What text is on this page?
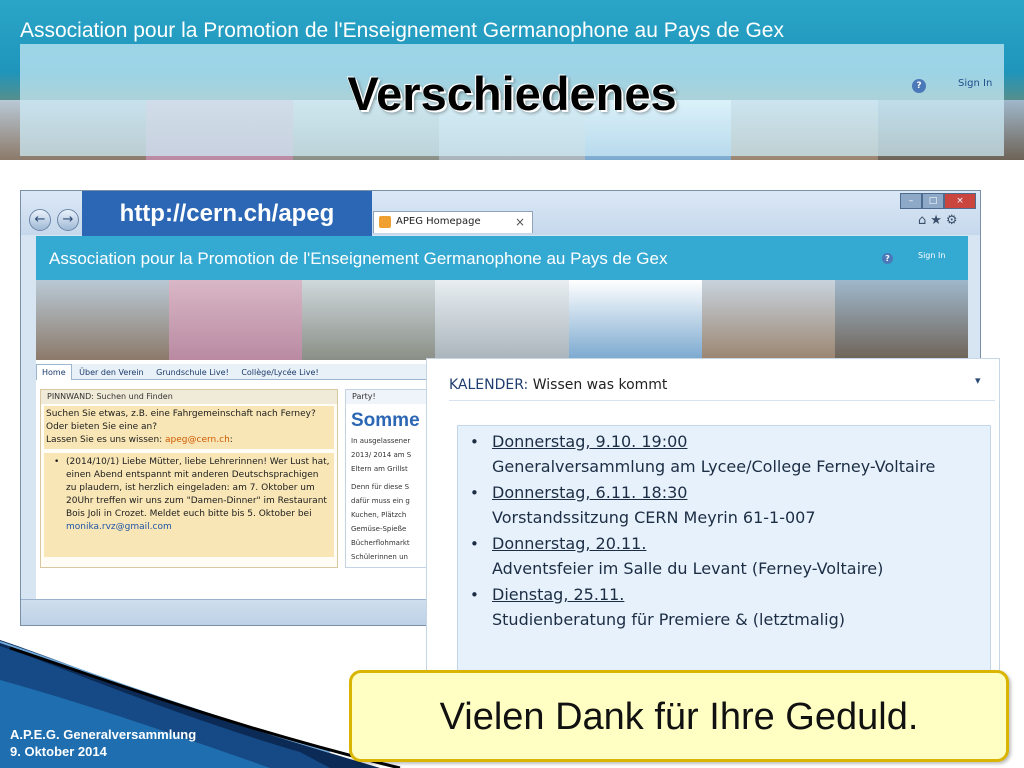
Association pour la Promotion de l'Enseignement Germanophone au Pays de Gex
?	Sign In
Verschiedenes
←	→	APEG Homepage	×
–	□	×
⌂★⚙
Association pour la Promotion de l'Enseignement Germanophone au Pays de Gex	?	Sign In
Home Über den Verein Grundschule Live! Collège/Lycée Live!
PINNWAND: Suchen und Finden
Suchen Sie etwas, z.B. eine Fahrgemeinschaft nach Ferney?
Oder bieten Sie eine an?
Lassen Sie es uns wissen: apeg@cern.ch:
• (2014/10/1) Liebe Mütter, liebe Lehrerinnen! Wer Lust hat, einen Abend entspannt mit anderen Deutschsprachigen zu plaudern, ist herzlich eingeladen: am 7. Oktober um 20Uhr treffen wir uns zum "Damen-Dinner" im Restaurant Bois Joli in Crozet. Meldet euch bitte bis 5. Oktober bei
monika.rvz@gmail.com
Party!
Somme
In ausgelassener
2013/ 2014 am S
Eltern am Grillst
Denn für diese S
dafür muss ein g
Kuchen, Plätzch
Gemüse-Spieße
Bücherflohmarkt
Schülerinnen un
http://cern.ch/apeg
KALENDER: Wissen was kommt	▾
• Donnerstag, 9.10. 19:00
Generalversammlung am Lycee/College Ferney-Voltaire
• Donnerstag, 6.11. 18:30
Vorstandssitzung CERN Meyrin 61-1-007
• Donnerstag, 20.11.
Adventsfeier im Salle du Levant (Ferney-Voltaire)
• Dienstag, 25.11.
Studienberatung für Premiere & (letztmalig)
A.P.E.G. Generalversammlung
9. Oktober 2014
Vielen Dank für Ihre Geduld.
